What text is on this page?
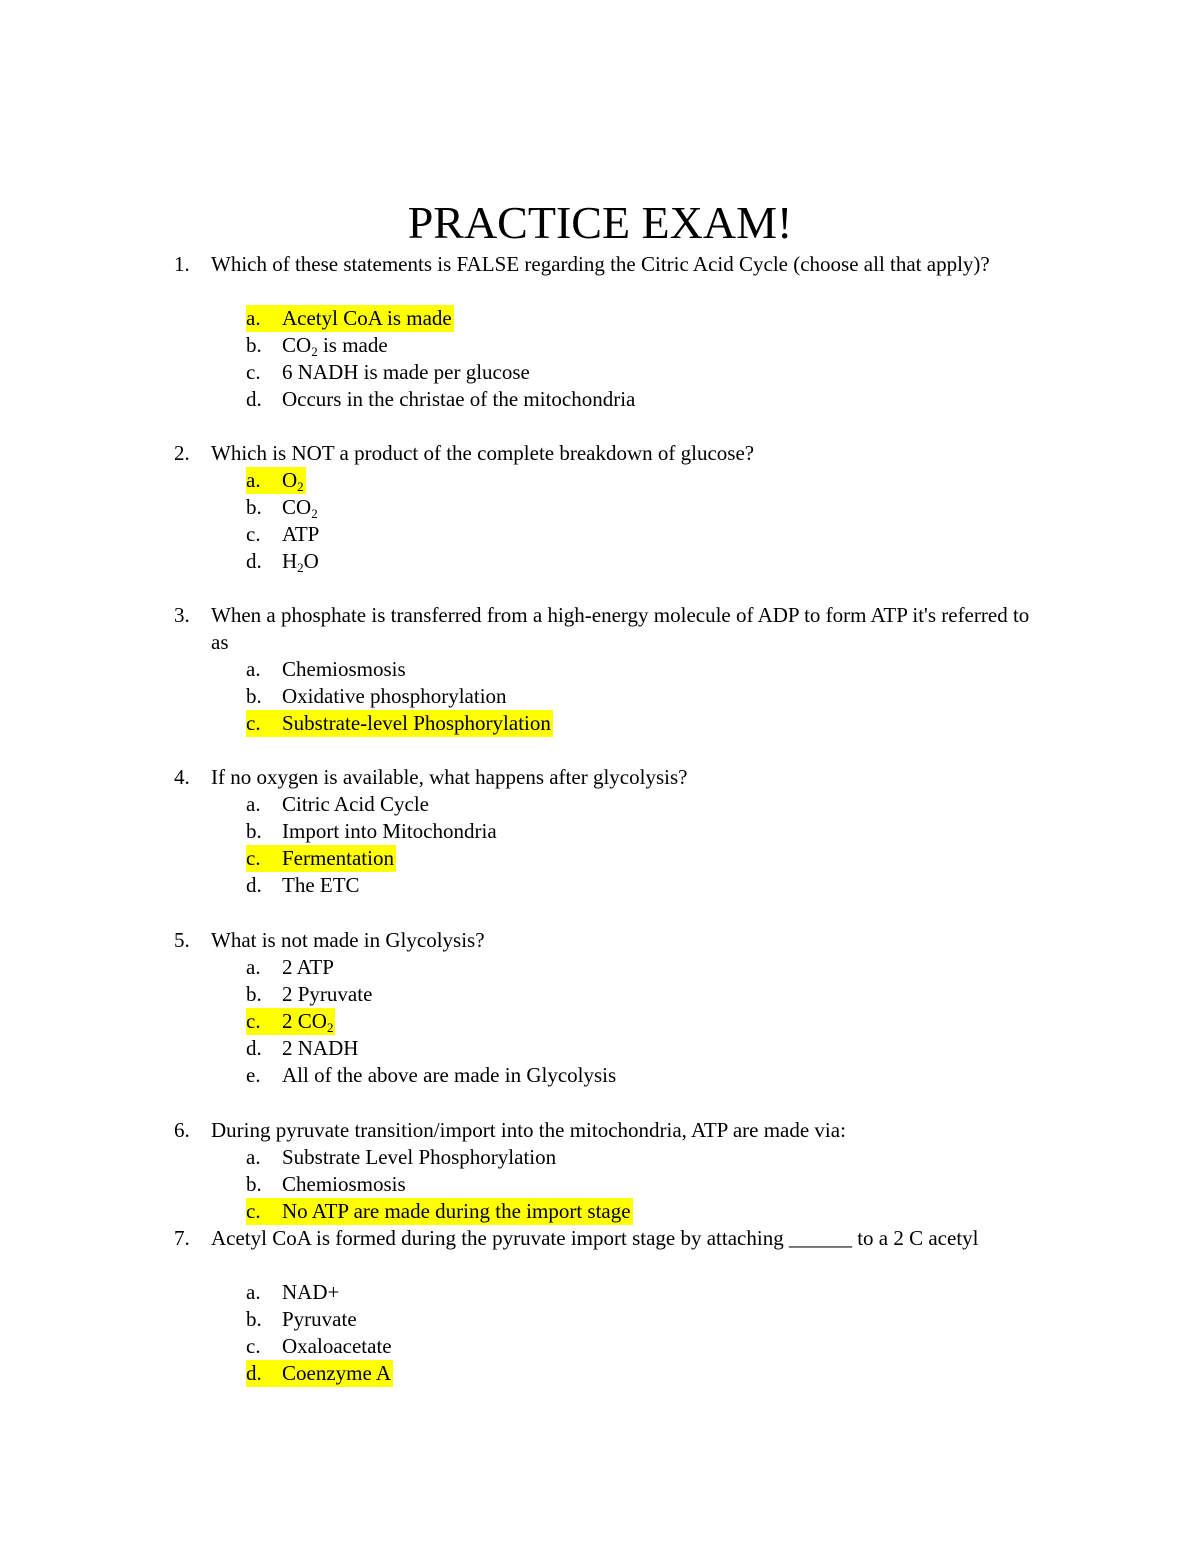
PRACTICE EXAM!
1. Which of these statements is FALSE regarding the Citric Acid Cycle (choose all that apply)?
a. Acetyl CoA is made
b. $CO_2$ is made
c. 6 NADH is made per glucose
d. Occurs in the christae of the mitochondria
2. Which is NOT a product of the complete breakdown of glucose?
a. $O_2$
b. $CO_2$
c. ATP
d. $H_2O$
3. When a phosphate is transferred from a high-energy molecule of ADP to form ATP it's referred to as
a. Chemiosmosis
b. Oxidative phosphorylation
c. Substrate-level Phosphorylation
4. If no oxygen is available, what happens after glycolysis?
a. Citric Acid Cycle
b. Import into Mitochondria
c. Fermentation
d. The ETC
5. What is not made in Glycolysis?
a. 2 ATP
b. 2 Pyruvate
c. 2 $CO_2$
d. 2 NADH
e. All of the above are made in Glycolysis
6. During pyruvate transition/import into the mitochondria, ATP are made via:
a. Substrate Level Phosphorylation
b. Chemiosmosis
c. No ATP are made during the import stage
7. Acetyl CoA is formed during the pyruvate import stage by attaching ______ to a 2 C acetyl
a. NAD+
b. Pyruvate
c. Oxaloacetate
d. Coenzyme A
